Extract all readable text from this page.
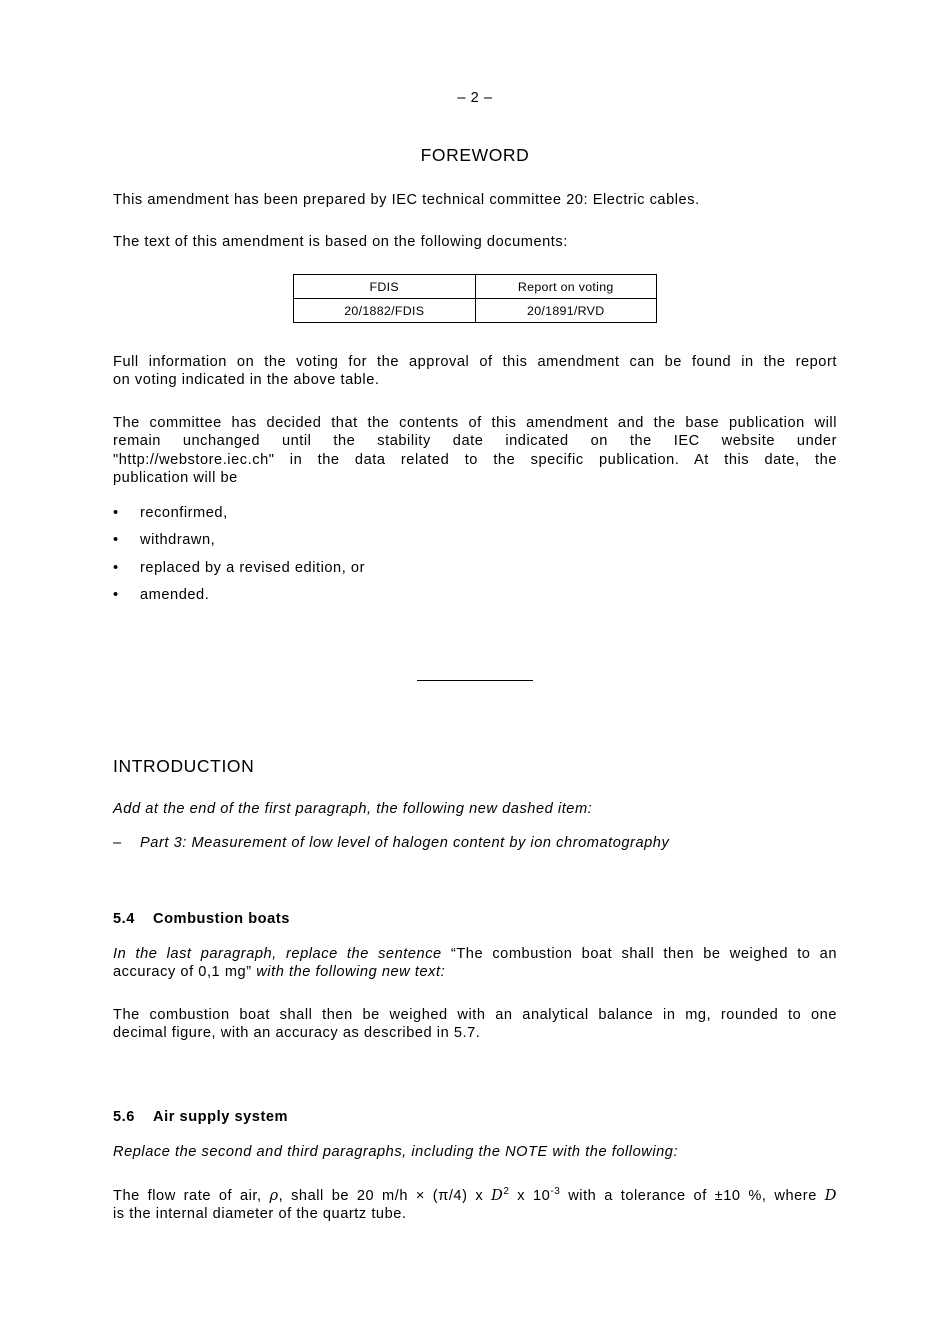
– 2 –
FOREWORD
This amendment has been prepared by IEC technical committee 20: Electric cables.
The text of this amendment is based on the following documents:
FDIS	Report on voting
20/1882/FDIS	20/1891/RVD
Full information on the voting for the approval of this amendment can be found in the report
on voting indicated in the above table.
The committee has decided that the contents of this amendment and the base publication will
remain unchanged until the stability date indicated on the IEC website under
"http://webstore.iec.ch" in the data related to the specific publication. At this date, the
publication will be
• reconfirmed,
• withdrawn,
• replaced by a revised edition, or
• amended.
INTRODUCTION
Add at the end of the first paragraph, the following new dashed item:
– Part 3: Measurement of low level of halogen content by ion chromatography
5.4 Combustion boats
In the last paragraph, replace the sentence “The combustion boat shall then be weighed to an
accuracy of 0,1 mg” with the following new text:
The combustion boat shall then be weighed with an analytical balance in mg, rounded to one
decimal figure, with an accuracy as described in 5.7.
5.6 Air supply system
Replace the second and third paragraphs, including the NOTE with the following:
The flow rate of air, ρ, shall be 20 m/h × (π/4) x $D^2$ x $10^{-3}$ with a tolerance of ±10 %, where D
is the internal diameter of the quartz tube.
